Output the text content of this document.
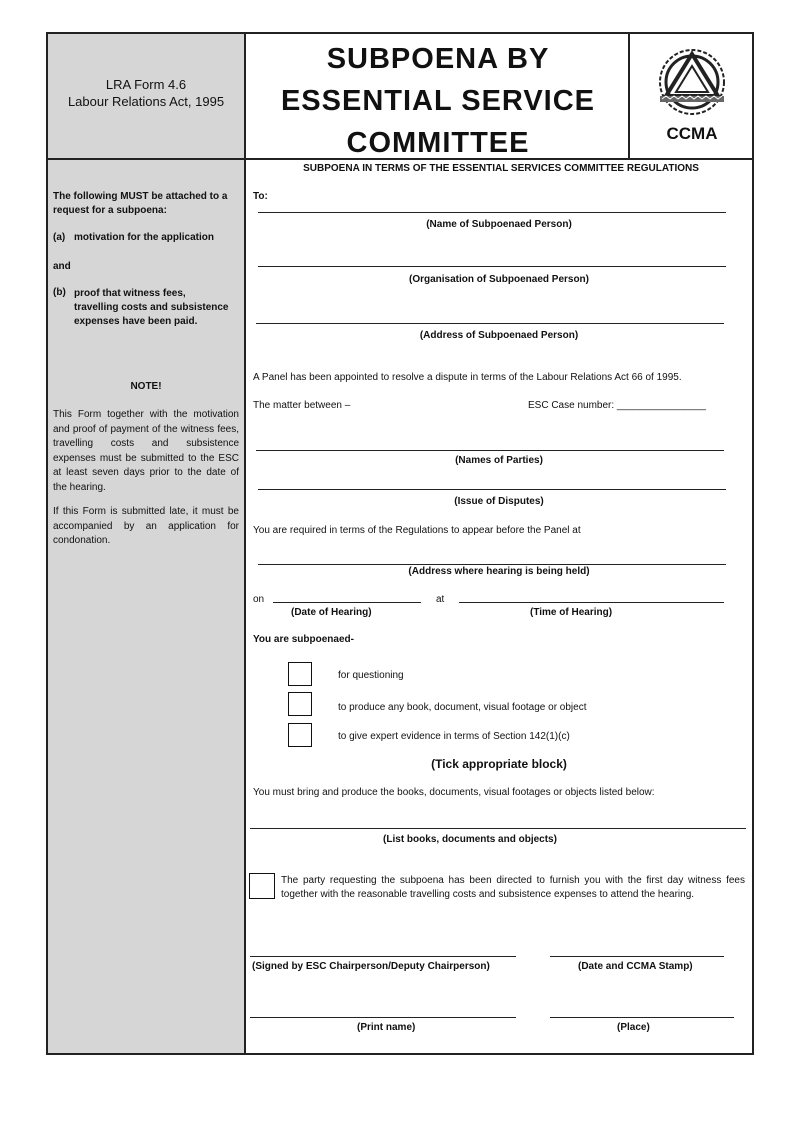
LRA Form 4.6
Labour Relations Act, 1995
SUBPOENA BY
ESSENTIAL SERVICE
COMMITTEE	CCMA
The following MUST be attached to a request for a subpoena:
(a) motivation for the application
and
(b) proof that witness fees, travelling costs and subsistence expenses have been paid.
NOTE!
This Form together with the motivation and proof of payment of the witness fees, travelling costs and subsistence expenses must be submitted to the ESC at least seven days prior to the date of the hearing.
If this Form is submitted late, it must be accompanied by an application for condonation.
SUBPOENA IN TERMS OF THE ESSENTIAL SERVICES COMMITTEE REGULATIONS
To:
(Name of Subpoenaed Person)
(Organisation of Subpoenaed Person)
(Address of Subpoenaed Person)
A Panel has been appointed to resolve a dispute in terms of the Labour Relations Act 66 of 1995.
The matter between –	ESC Case number: ________________
(Names of Parties)
(Issue of Disputes)
You are required in terms of the Regulations to appear before the Panel at
(Address where hearing is being held)
on	at
(Date of Hearing)	(Time of Hearing)
You are subpoenaed-
for questioning
to produce any book, document, visual footage or object
to give expert evidence in terms of Section 142(1)(c)
(Tick appropriate block)
You must bring and produce the books, documents, visual footages or objects listed below:
(List books, documents and objects)
The party requesting the subpoena has been directed to furnish you with the first day witness fees together with the reasonable travelling costs and subsistence expenses to attend the hearing.
(Signed by ESC Chairperson/Deputy Chairperson)	(Date and CCMA Stamp)
(Print name)	(Place)
